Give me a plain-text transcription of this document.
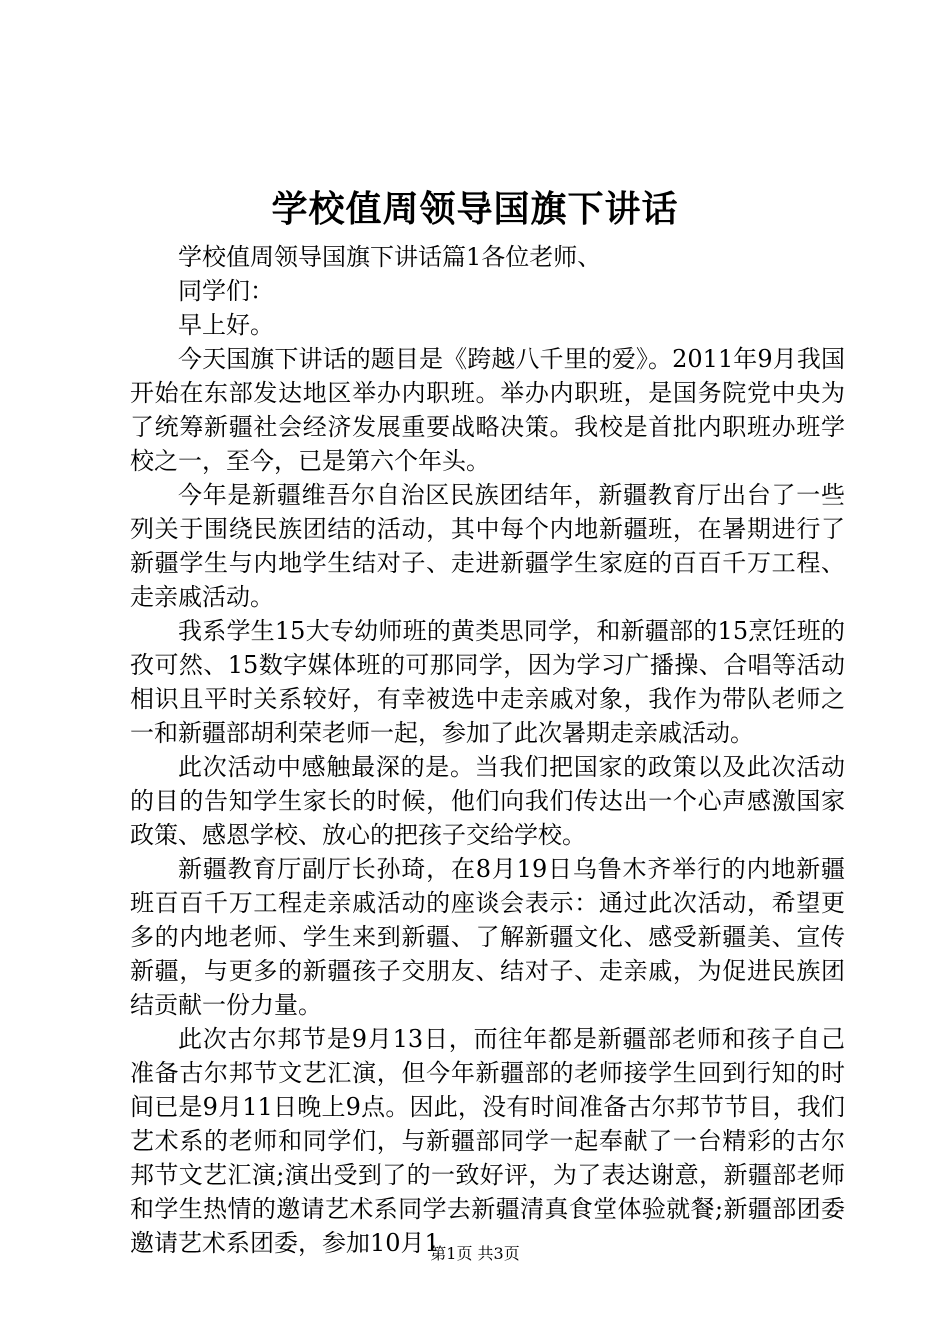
学校值周领导国旗下讲话

学校值周领导国旗下讲话篇1各位老师、

同学们：

早上好。

今天国旗下讲话的题目是《跨越八千里的爱》。2011年9月我国开始在东部发达地区举办内职班。举办内职班，是国务院党中央为了统筹新疆社会经济发展重要战略决策。我校是首批内职班办班学校之一，至今，已是第六个年头。

今年是新疆维吾尔自治区民族团结年，新疆教育厅出台了一些列关于围绕民族团结的活动，其中每个内地新疆班，在暑期进行了新疆学生与内地学生结对子、走进新疆学生家庭的百百千万工程、走亲戚活动。

我系学生15大专幼师班的黄类思同学，和新疆部的15烹饪班的孜可然、15数字媒体班的可那同学，因为学习广播操、合唱等活动相识且平时关系较好，有幸被选中走亲戚对象，我作为带队老师之一和新疆部胡利荣老师一起，参加了此次暑期走亲戚活动。

此次活动中感触最深的是。当我们把国家的政策以及此次活动的目的告知学生家长的时候，他们向我们传达出一个心声感激国家政策、感恩学校、放心的把孩子交给学校。

新疆教育厅副厅长孙琦，在8月19日乌鲁木齐举行的内地新疆班百百千万工程走亲戚活动的座谈会表示：通过此次活动，希望更多的内地老师、学生来到新疆、了解新疆文化、感受新疆美、宣传新疆，与更多的新疆孩子交朋友、结对子、走亲戚，为促进民族团结贡献一份力量。

此次古尔邦节是9月13日，而往年都是新疆部老师和孩子自己准备古尔邦节文艺汇演，但今年新疆部的老师接学生回到行知的时间已是9月11日晚上9点。因此，没有时间准备古尔邦节节目，我们艺术系的老师和同学们，与新疆部同学一起奉献了一台精彩的古尔邦节文艺汇演;演出受到了的一致好评，为了表达谢意，新疆部老师和学生热情的邀请艺术系同学去新疆清真食堂体验就餐;新疆部团委邀请艺术系团委，参加10月1

第1页 共3页
